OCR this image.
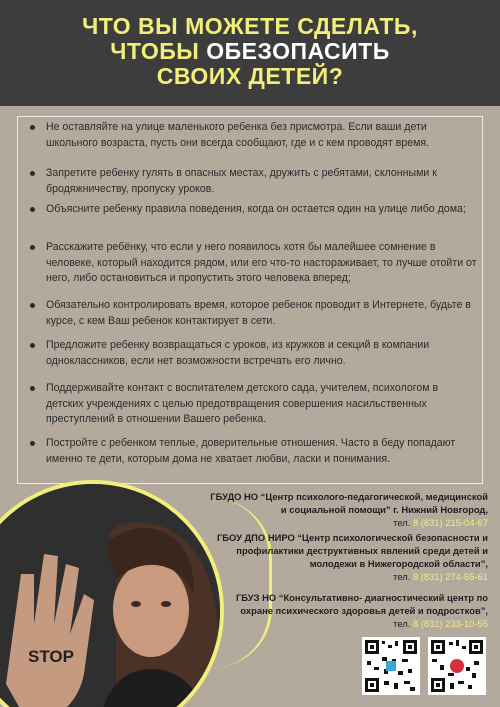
ЧТО ВЫ МОЖЕТЕ СДЕЛАТЬ,
ЧТОБЫ ОБЕЗОПАСИТЬ
СВОИХ ДЕТЕЙ?
Не оставляйте на улице маленького ребенка без присмотра. Если ваши дети школьного возраста, пусть они всегда сообщают, где и с кем проводят время.
Запретите ребенку гулять в опасных местах, дружить с ребятами, склонными к бродяжничеству, пропуску уроков.
Объясните ребенку правила поведения, когда он остается один на улице либо дома;
Расскажите ребёнку, что если у него появилось хотя бы малейшее сомнение в человеке, который находится рядом, или его что-то настораживает, то лучше отойти от него, либо остановиться и пропустить этого человека вперед;
Обязательно контролировать время, которое ребенок проводит в Интернете, будьте в курсе, с кем Ваш ребенок контактирует в сети.
Предложите ребенку возвращаться с уроков, из кружков и секций в компании одноклассников, если нет возможности встречать его лично.
Поддерживайте контакт с воспитателем детского сада, учителем, психологом в детских учреждениях с целью предотвращения совершения насильственных преступлений в отношении Вашего ребенка.
Постройте с ребенком теплые, доверительные отношения. Часто в беду попадают именно те дети, которым дома не хватает любви, ласки и понимания.
STOP
ГБУДО НО “Центр психолого-педагогической, медицинской и социальной помощи” г. Нижний Новгород,
тел. 8 (831) 215-04-67
ГБОУ ДПО НИРО “Центр психологической безопасности и профилактики деструктивных явлений среди детей и молодежи в Нижегородской области”,
тел. 8 (831) 274-65-61
ГБУЗ НО “Консультативно- диагностический центр по охране психического здоровья детей и подростков”,
тел. 8 (831) 233-10-55
